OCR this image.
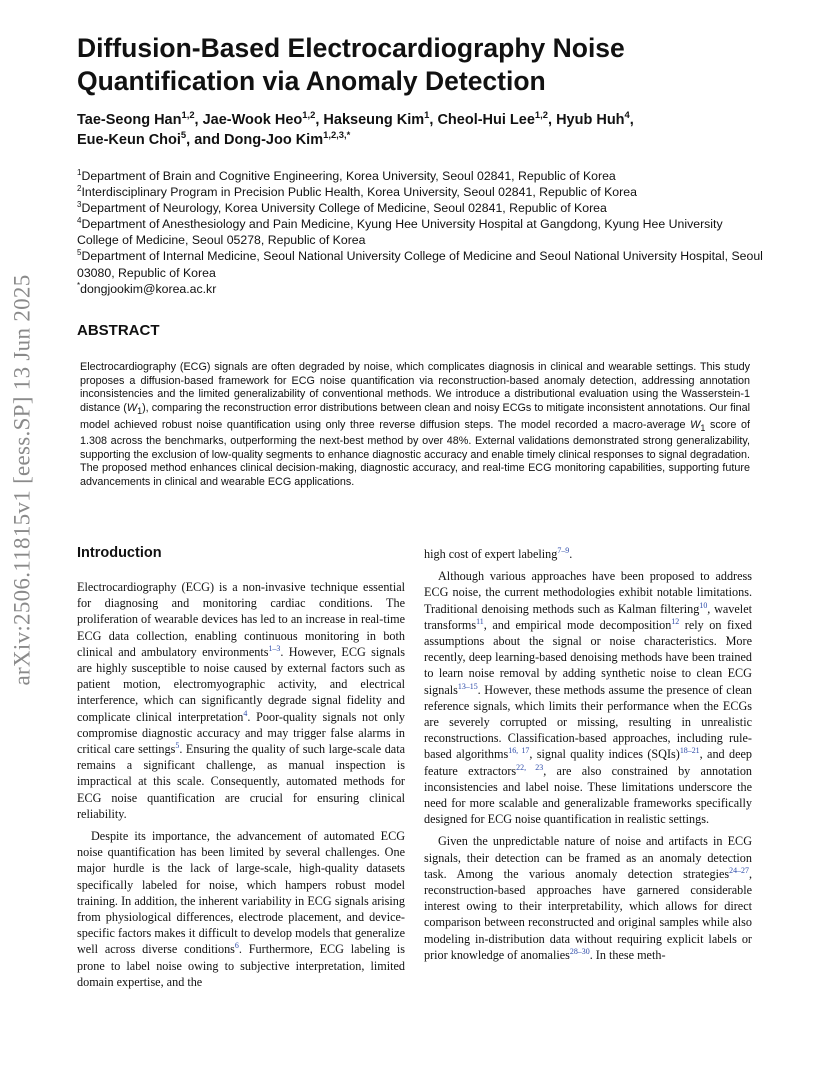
arXiv:2506.11815v1 [eess.SP] 13 Jun 2025
Diffusion-Based Electrocardiography Noise Quantification via Anomaly Detection
Tae-Seong Han$^{1,2}$, Jae-Wook Heo$^{1,2}$, Hakseung Kim$^1$, Cheol-Hui Lee$^{1,2}$, Hyub Huh$^4$,
Eue-Keun Choi$^5$, and Dong-Joo Kim$^{1,2,3,*}$
$^1$Department of Brain and Cognitive Engineering, Korea University, Seoul 02841, Republic of Korea
$^2$Interdisciplinary Program in Precision Public Health, Korea University, Seoul 02841, Republic of Korea
$^3$Department of Neurology, Korea University College of Medicine, Seoul 02841, Republic of Korea
$^4$Department of Anesthesiology and Pain Medicine, Kyung Hee University Hospital at Gangdong, Kyung Hee University College of Medicine, Seoul 05278, Republic of Korea
$^5$Department of Internal Medicine, Seoul National University College of Medicine and Seoul National University Hospital, Seoul 03080, Republic of Korea
*dongjookim@korea.ac.kr
ABSTRACT

Electrocardiography (ECG) signals are often degraded by noise, which complicates diagnosis in clinical and wearable settings. This study proposes a diffusion-based framework for ECG noise quantification via reconstruction-based anomaly detection, addressing annotation inconsistencies and the limited generalizability of conventional methods. We introduce a distributional evaluation using the Wasserstein-1 distance $(W_1)$, comparing the reconstruction error distributions between clean and noisy ECGs to mitigate inconsistent annotations. Our final model achieved robust noise quantification using only three reverse diffusion steps. The model recorded a macro-average $W_1$ score of 1.308 across the benchmarks, outperforming the next-best method by over 48%. External validations demonstrated strong generalizability, supporting the exclusion of low-quality segments to enhance diagnostic accuracy and enable timely clinical responses to signal degradation. The proposed method enhances clinical decision-making, diagnostic accuracy, and real-time ECG monitoring capabilities, supporting future advancements in clinical and wearable ECG applications.

Introduction

Electrocardiography (ECG) is a non-invasive technique essential for diagnosing and monitoring cardiac conditions. The proliferation of wearable devices has led to an increase in real-time ECG data collection, enabling continuous monitoring in both clinical and ambulatory environments$^{1-3}$. However, ECG signals are highly susceptible to noise caused by external factors such as patient motion, electromyographic activity, and electrical interference, which can significantly degrade signal fidelity and complicate clinical interpretation$^4$. Poor-quality signals not only compromise diagnostic accuracy and may trigger false alarms in critical care settings$^5$. Ensuring the quality of such large-scale data remains a significant challenge, as manual inspection is impractical at this scale. Consequently, automated methods for ECG noise quantification are crucial for ensuring clinical reliability.

Despite its importance, the advancement of automated ECG noise quantification has been limited by several challenges. One major hurdle is the lack of large-scale, high-quality datasets specifically labeled for noise, which hampers robust model training. In addition, the inherent variability in ECG signals arising from physiological differences, electrode placement, and device-specific factors makes it difficult to develop models that generalize well across diverse conditions$^6$. Furthermore, ECG labeling is prone to label noise owing to subjective interpretation, limited domain expertise, and the

high cost of expert labeling$^{7-9}$.

Although various approaches have been proposed to address ECG noise, the current methodologies exhibit notable limitations. Traditional denoising methods such as Kalman filtering$^{10}$, wavelet transforms$^{11}$, and empirical mode decomposition$^{12}$ rely on fixed assumptions about the signal or noise characteristics. More recently, deep learning-based denoising methods have been trained to learn noise removal by adding synthetic noise to clean ECG signals$^{13-15}$. However, these methods assume the presence of clean reference signals, which limits their performance when the ECGs are severely corrupted or missing, resulting in unrealistic reconstructions. Classification-based approaches, including rule-based algorithms$^{16, 17}$, signal quality indices (SQIs)$^{18-21}$, and deep feature extractors$^{22, 23}$, are also constrained by annotation inconsistencies and label noise. These limitations underscore the need for more scalable and generalizable frameworks specifically designed for ECG noise quantification in realistic settings.

Given the unpredictable nature of noise and artifacts in ECG signals, their detection can be framed as an anomaly detection task. Among the various anomaly detection strategies$^{24-27}$, reconstruction-based approaches have garnered considerable interest owing to their interpretability, which allows for direct comparison between reconstructed and original samples while also modeling in-distribution data without requiring explicit labels or prior knowledge of anomalies$^{28-30}$. In these meth-
